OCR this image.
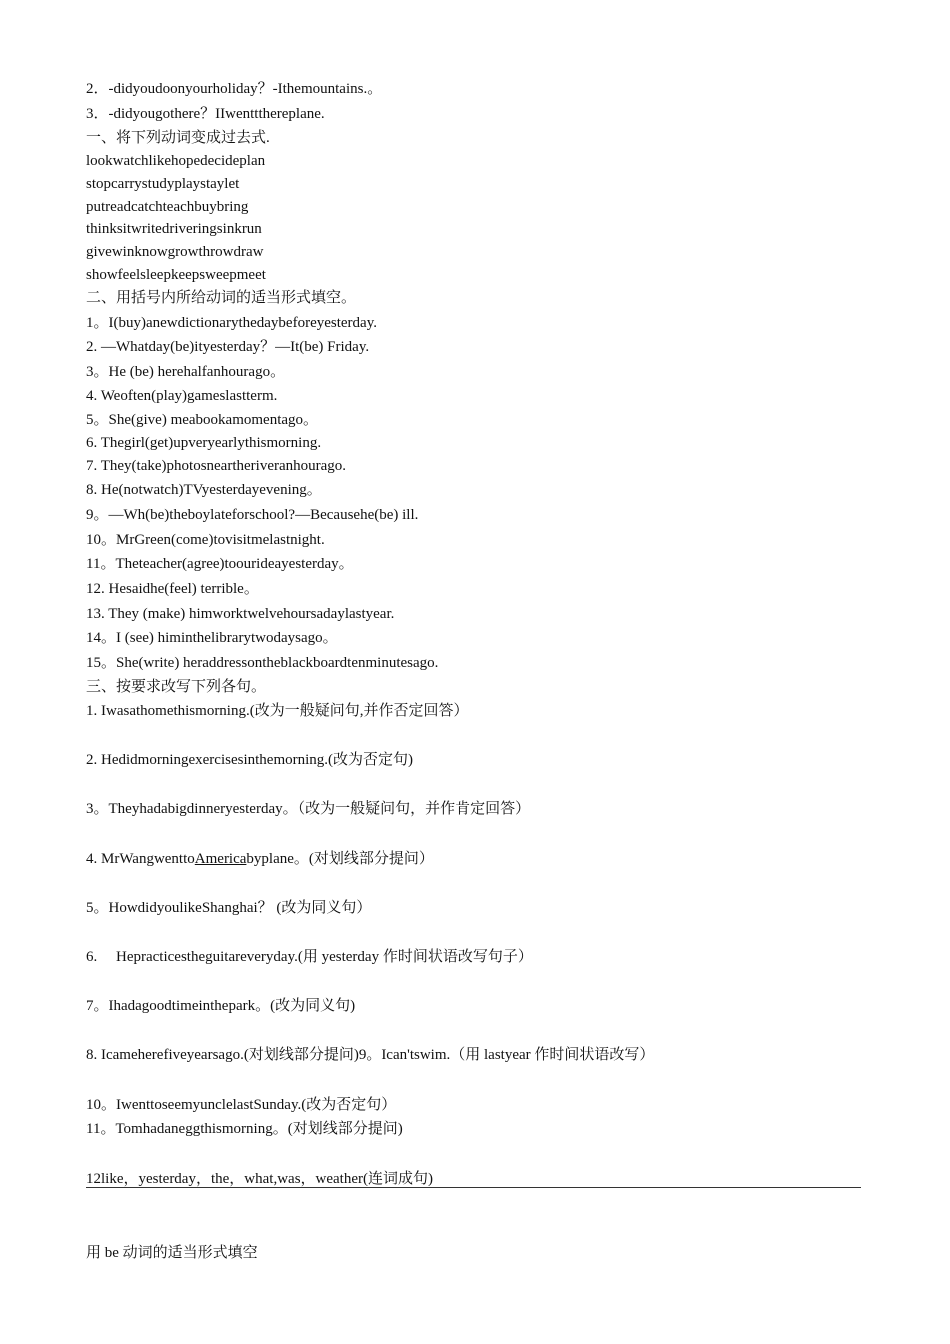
2．-didyoudoonyourholiday？-Ithemountains.。
3．-didyougothere？IIwenttthereplane.
一、将下列动词变成过去式.
lookwatchlikehopedecideplan
stopcarrystudyplaystaylet
putreadcatchteachbuybring
thinksitwritedriveringsinkrun
givewinknowgrowthrowdraw
showfeelsleepkeepsweepmeet
二、用括号内所给动词的适当形式填空。
1。I(buy)anewdictionarythedaybeforeyesterday.
2. —Whatday(be)ityesterday？—It(be) Friday.
3。He (be) herehalfanhourago。
4. Weoften(play)gameslastterm.
5。She(give) meabookamomentago。
6. Thegirl(get)upveryearlythismorning.
7. They(take)photosneartheriveranhourago.
8. He(notwatch)TVyesterdayevening。
9。—Wh(be)theboylateforschool?—Becausehe(be) ill.
10。MrGreen(come)tovisitmelastnight.
11。Theteacher(agree)toourideayesterday。
12. Hesaidhe(feel) terrible。
13. They (make) himworktwelvehoursadaylastyear.
14。I (see) himinthelibrarytwodaysago。
15。She(write) heraddressontheblackboardtenminutesago.
三、按要求改写下列各句。
1. Iwasathomethismorning.(改为一般疑问句,并作否定回答）
2. Hedidmorningexercisesinthemorning.(改为否定句)
3。Theyhadabigdinneryesterday。（改为一般疑问句，并作肯定回答）
4. MrWangwenttoAmericabyplane。(对划线部分提问）
5。HowdidyoulikeShanghai？ (改为同义句）
6.     Hepracticestheguitareveryday.(用 yesterday 作时间状语改写句子）
7。Ihadagoodtimeinthepark。(改为同义句)
8. Icameherefiveyearsago.(对划线部分提问)9。Ican'tswim.（用 lastyear 作时间状语改写）
10。IwenttoseemyunclelastSunday.(改为否定句）
11。Tomhadaneggthismorning。(对划线部分提问)
12like，yesterday，the，what,was，weather(连词成句)
用 be 动词的适当形式填空
